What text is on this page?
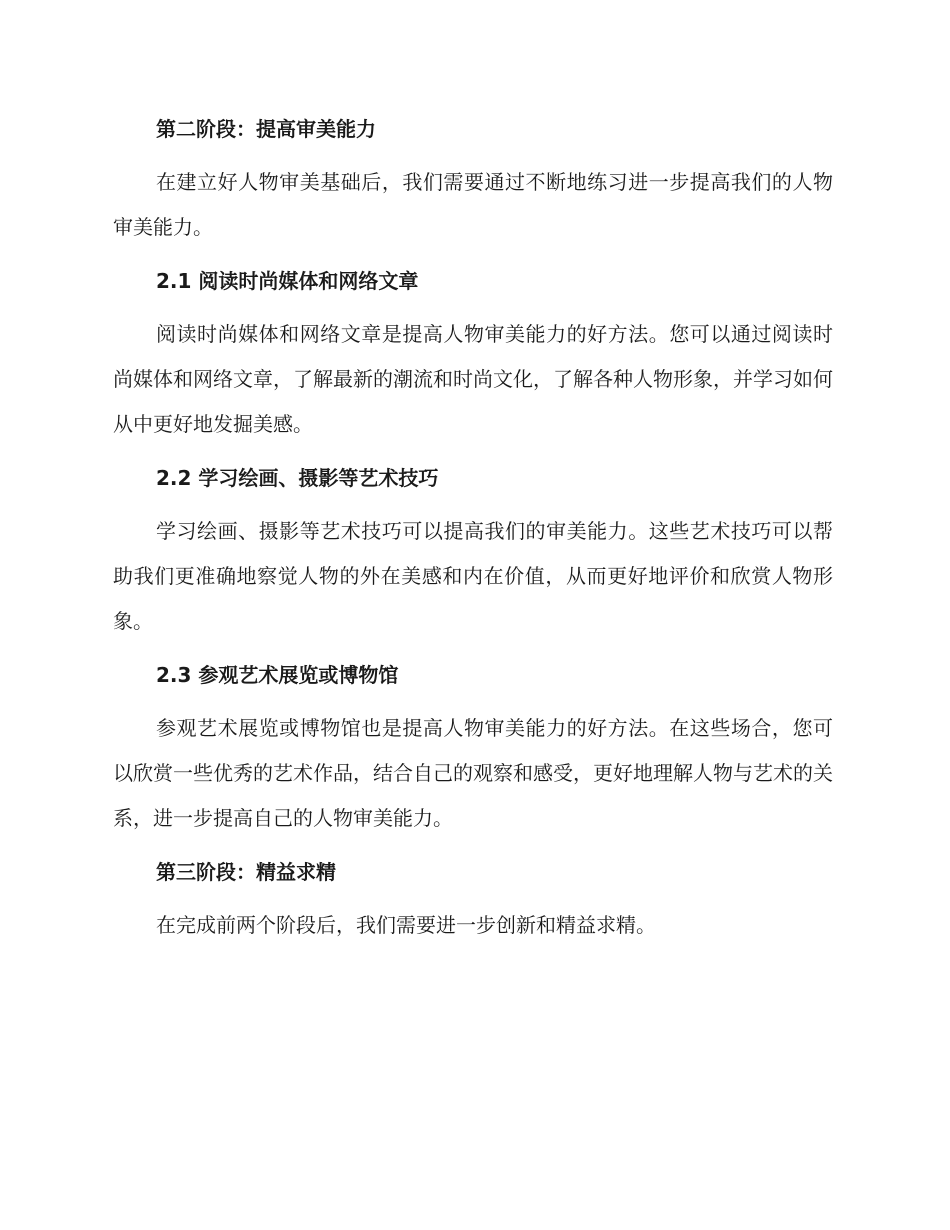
第二阶段：提高审美能力

在建立好人物审美基础后，我们需要通过不断地练习进一步提高我们的人物审美能力。

2.1 阅读时尚媒体和网络文章

阅读时尚媒体和网络文章是提高人物审美能力的好方法。您可以通过阅读时尚媒体和网络文章，了解最新的潮流和时尚文化，了解各种人物形象，并学习如何从中更好地发掘美感。

2.2 学习绘画、摄影等艺术技巧

学习绘画、摄影等艺术技巧可以提高我们的审美能力。这些艺术技巧可以帮助我们更准确地察觉人物的外在美感和内在价值，从而更好地评价和欣赏人物形象。

2.3 参观艺术展览或博物馆

参观艺术展览或博物馆也是提高人物审美能力的好方法。在这些场合，您可以欣赏一些优秀的艺术作品，结合自己的观察和感受，更好地理解人物与艺术的关系，进一步提高自己的人物审美能力。

第三阶段：精益求精

在完成前两个阶段后，我们需要进一步创新和精益求精。
